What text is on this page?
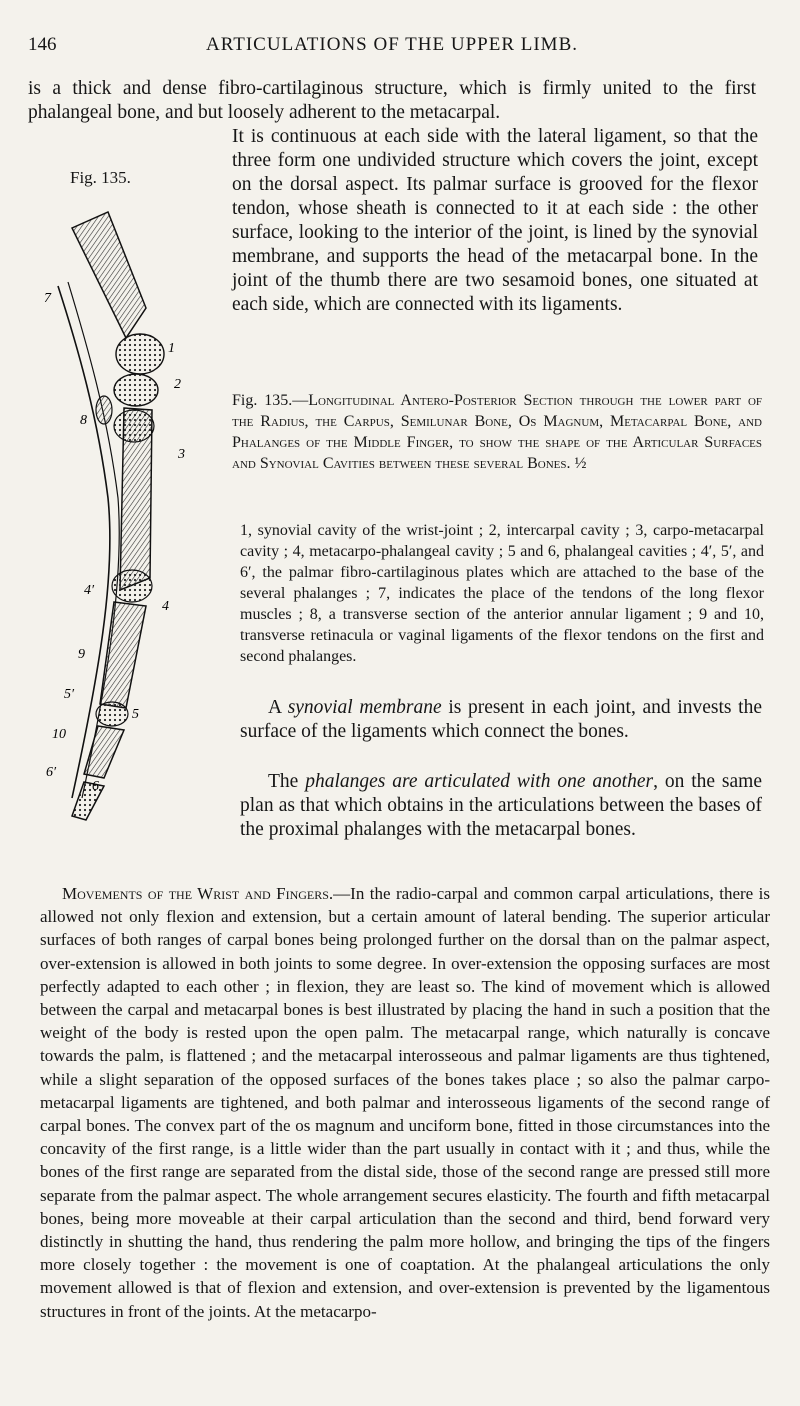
146	ARTICULATIONS OF THE UPPER LIMB.

is a thick and dense fibro-cartilaginous structure, which is firmly united to the first phalangeal bone, and but loosely adherent to the metacarpal.

It is continuous at each side with the lateral ligament, so that the three form one undivided structure which covers the joint, except on the dorsal aspect. Its palmar surface is grooved for the flexor tendon, whose sheath is connected to it at each side : the other surface, looking to the interior of the joint, is lined by the synovial membrane, and supports the head of the metacarpal bone. In the joint of the thumb there are two sesamoid bones, one situated at each side, which are connected with its ligaments.

Fig. 135.
7
1
2
8
3
4′
4
9
5′
5
10
6′
6

Fig. 135.—Longitudinal Antero-Posterior Section through the lower part of the Radius, the Carpus, Semilunar Bone, Os Magnum, Metacarpal Bone, and Phalanges of the Middle Finger, to show the shape of the Articular Surfaces and Synovial Cavities between these several Bones. ½

1, synovial cavity of the wrist-joint ; 2, intercarpal cavity ; 3, carpo-metacarpal cavity ; 4, metacarpo-phalangeal cavity ; 5 and 6, phalangeal cavities ; 4′, 5′, and 6′, the palmar fibro-cartilaginous plates which are attached to the base of the several phalanges ; 7, indicates the place of the tendons of the long flexor muscles ; 8, a transverse section of the anterior annular ligament ; 9 and 10, transverse retinacula or vaginal ligaments of the flexor tendons on the first and second phalanges.

A synovial membrane is present in each joint, and invests the surface of the ligaments which connect the bones.

The phalanges are articulated with one another, on the same plan as that which obtains in the articulations between the bases of the proximal phalanges with the metacarpal bones.

Movements of the Wrist and Fingers.—In the radio-carpal and common carpal articulations, there is allowed not only flexion and extension, but a certain amount of lateral bending. The superior articular surfaces of both ranges of carpal bones being prolonged further on the dorsal than on the palmar aspect, over-extension is allowed in both joints to some degree. In over-extension the opposing surfaces are most perfectly adapted to each other ; in flexion, they are least so. The kind of movement which is allowed between the carpal and metacarpal bones is best illustrated by placing the hand in such a position that the weight of the body is rested upon the open palm. The metacarpal range, which naturally is concave towards the palm, is flattened ; and the metacarpal interosseous and palmar ligaments are thus tightened, while a slight separation of the opposed surfaces of the bones takes place ; so also the palmar carpo-metacarpal ligaments are tightened, and both palmar and interosseous ligaments of the second range of carpal bones. The convex part of the os magnum and unciform bone, fitted in those circumstances into the concavity of the first range, is a little wider than the part usually in contact with it ; and thus, while the bones of the first range are separated from the distal side, those of the second range are pressed still more separate from the palmar aspect. The whole arrangement secures elasticity. The fourth and fifth metacarpal bones, being more moveable at their carpal articulation than the second and third, bend forward very distinctly in shutting the hand, thus rendering the palm more hollow, and bringing the tips of the fingers more closely together : the movement is one of coaptation. At the phalangeal articulations the only movement allowed is that of flexion and extension, and over-extension is prevented by the ligamentous structures in front of the joints. At the metacarpo-
